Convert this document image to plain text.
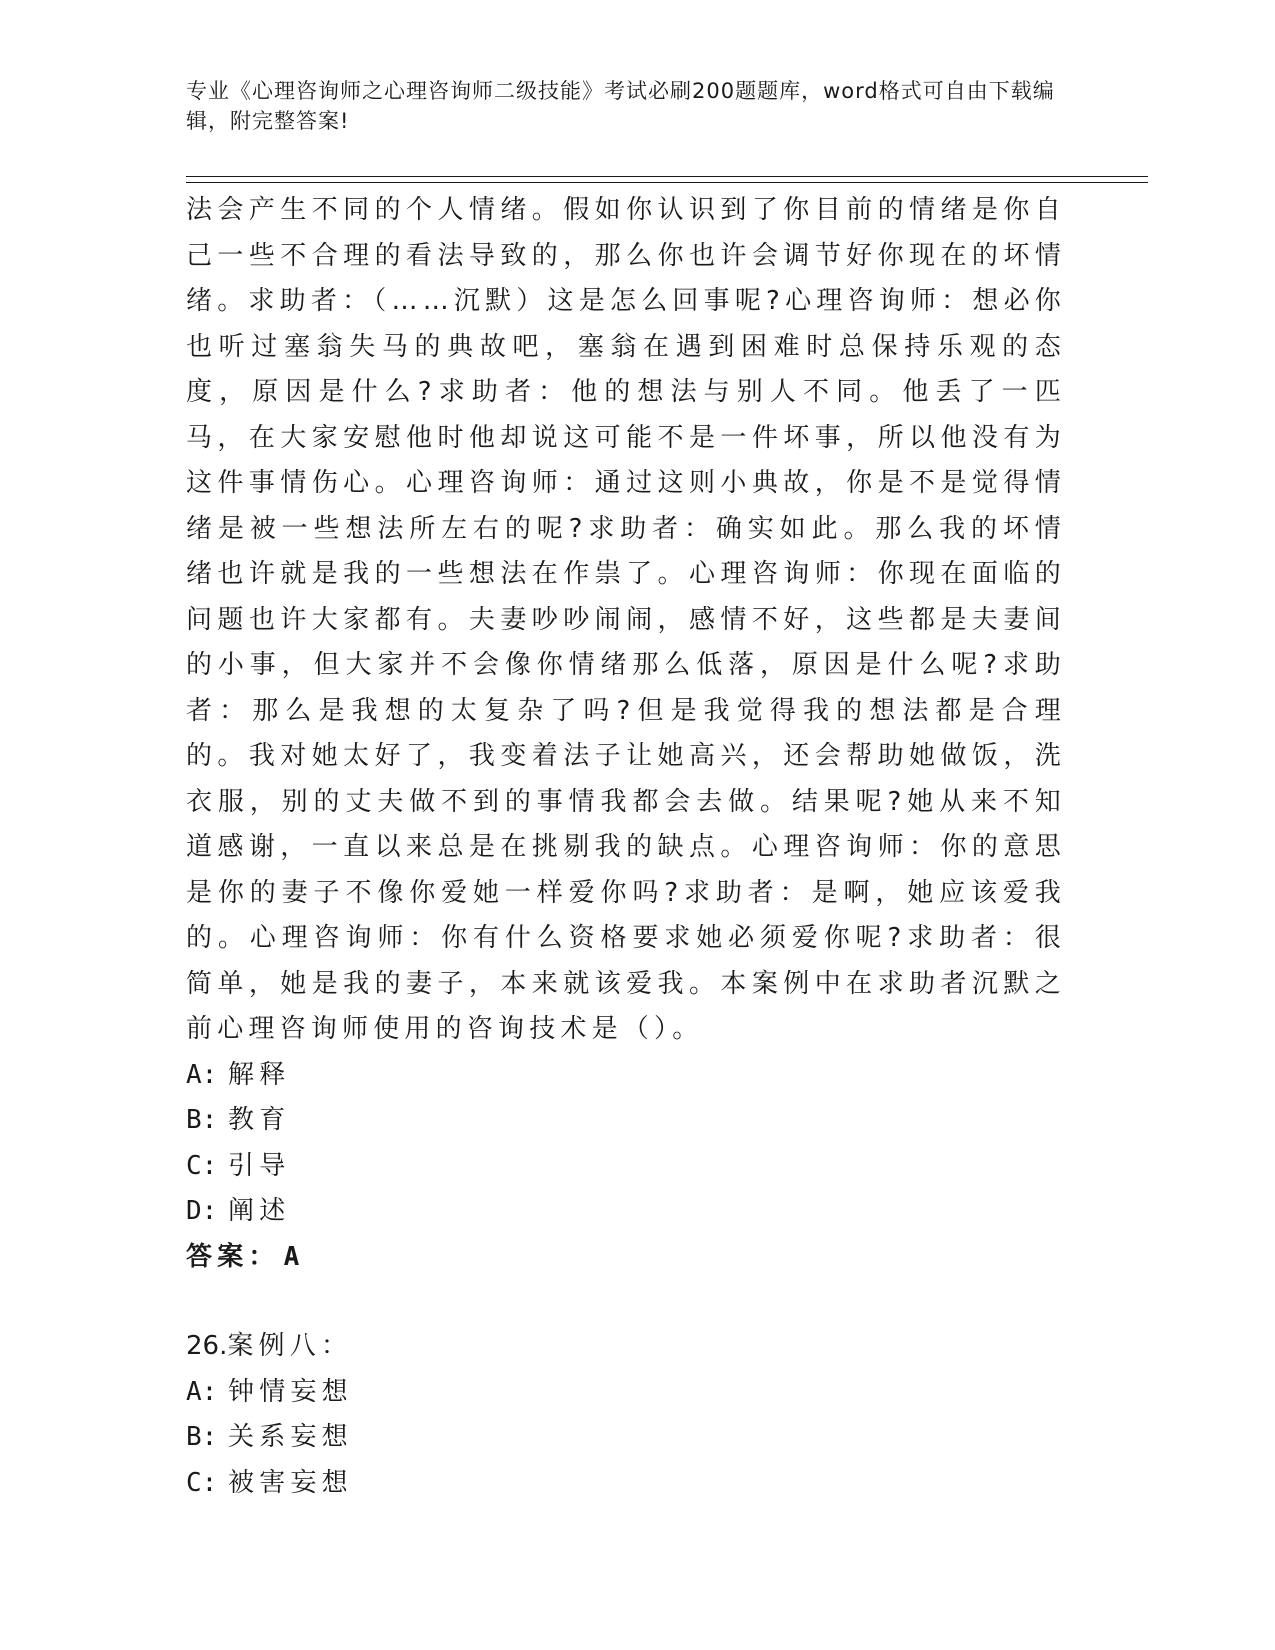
专业《心理咨询师之心理咨询师二级技能》考试必刷200题题库，word格式可自由下载编辑，附完整答案!

法会产生不同的个人情绪。假如你认识到了你目前的情绪是你自己一些不合理的看法导致的，那么你也许会调节好你现在的坏情绪。求助者：（……沉默）这是怎么回事呢?心理咨询师：想必你也听过塞翁失马的典故吧，塞翁在遇到困难时总保持乐观的态度，原因是什么?求助者：他的想法与别人不同。他丢了一匹马，在大家安慰他时他却说这可能不是一件坏事，所以他没有为这件事情伤心。心理咨询师：通过这则小典故，你是不是觉得情绪是被一些想法所左右的呢?求助者：确实如此。那么我的坏情绪也许就是我的一些想法在作祟了。心理咨询师：你现在面临的问题也许大家都有。夫妻吵吵闹闹，感情不好，这些都是夫妻间的小事，但大家并不会像你情绪那么低落，原因是什么呢?求助者：那么是我想的太复杂了吗?但是我觉得我的想法都是合理的。我对她太好了，我变着法子让她高兴，还会帮助她做饭，洗衣服，别的丈夫做不到的事情我都会去做。结果呢?她从来不知道感谢，一直以来总是在挑剔我的缺点。心理咨询师：你的意思是你的妻子不像你爱她一样爱你吗?求助者：是啊，她应该爱我的。心理咨询师：你有什么资格要求她必须爱你呢?求助者：很简单，她是我的妻子，本来就该爱我。本案例中在求助者沉默之前心理咨询师使用的咨询技术是（）。

A: 解释

B: 教育

C: 引导

D: 阐述

答案： A

26. 案例八：

A: 钟情妄想

B: 关系妄想

C: 被害妄想
